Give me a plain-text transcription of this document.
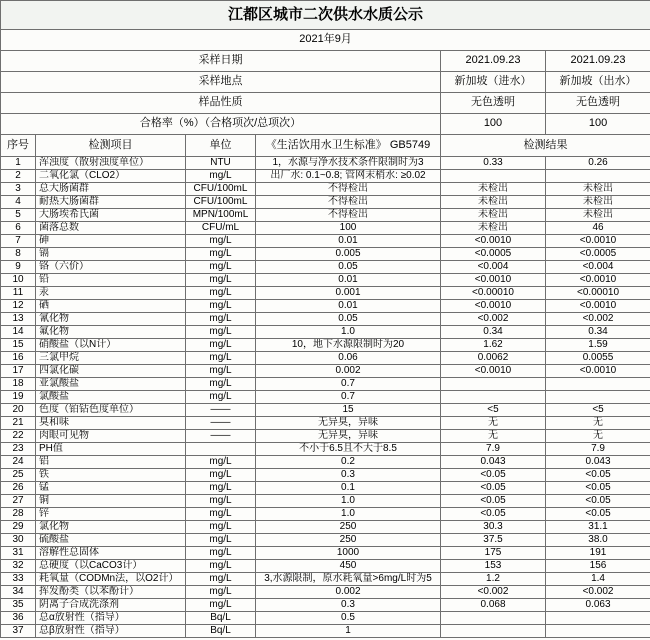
江都区城市二次供水水质公示					
2021年9月					
采样日期				2021.09.23	2021.09.23
采样地点				新加坡（进水）	新加坡（出水）
样品性质				无色透明	无色透明
合格率（%）（合格项次/总项次）				100	100
序号	检测项目	单位	《生活饮用水卫生标准》 GB5749	检测结果	
1	浑浊度（散射浊度单位）	NTU	1，水源与净水技术条件限制时为3	0.33	0.26
2	二氧化氯（CLO2）	mg/L	出厂水: 0.1~0.8; 管网末梢水: ≥0.02		
3	总大肠菌群	CFU/100mL	不得检出	未检出	未检出
4	耐热大肠菌群	CFU/100mL	不得检出	未检出	未检出
5	大肠埃希氏菌	MPN/100mL	不得检出	未检出	未检出
6	菌落总数	CFU/mL	100	未检出	46
7	砷	mg/L	0.01	<0.0010	<0.0010
8	镉	mg/L	0.005	<0.0005	<0.0005
9	铬（六价）	mg/L	0.05	<0.004	<0.004
10	铅	mg/L	0.01	<0.0010	<0.0010
11	汞	mg/L	0.001	<0.00010	<0.00010
12	硒	mg/L	0.01	<0.0010	<0.0010
13	氰化物	mg/L	0.05	<0.002	<0.002
14	氟化物	mg/L	1.0	0.34	0.34
15	硝酸盐（以N计）	mg/L	10，地下水源限制时为20	1.62	1.59
16	三氯甲烷	mg/L	0.06	0.0062	0.0055
17	四氯化碳	mg/L	0.002	<0.0010	<0.0010
18	亚氯酸盐	mg/L	0.7		
19	氯酸盐	mg/L	0.7		
20	色度（铂钴色度单位）	——	15	<5	<5
21	臭和味	——	无异臭，异味	无	无
22	肉眼可见物	——	无异臭，异味	无	无
23	PH值		不小于6.5且不大于8.5	7.9	7.9
24	铝	mg/L	0.2	0.043	0.043
25	铁	mg/L	0.3	<0.05	<0.05
26	锰	mg/L	0.1	<0.05	<0.05
27	铜	mg/L	1.0	<0.05	<0.05
28	锌	mg/L	1.0	<0.05	<0.05
29	氯化物	mg/L	250	30.3	31.1
30	硫酸盐	mg/L	250	37.5	38.0
31	溶解性总固体	mg/L	1000	175	191
32	总硬度（以CaCO3计）	mg/L	450	153	156
33	耗氧量（CODMn法，以O2计）	mg/L	3,水源限制，原水耗氧量>6mg/L时为5	1.2	1.4
34	挥发酚类（以苯酚计）	mg/L	0.002	<0.002	<0.002
35	阴离子合成洗涤剂	mg/L	0.3	0.068	0.063
36	总α放射性（指导）	Bq/L	0.5		
37	总β放射性（指导）	Bq/L	1		
